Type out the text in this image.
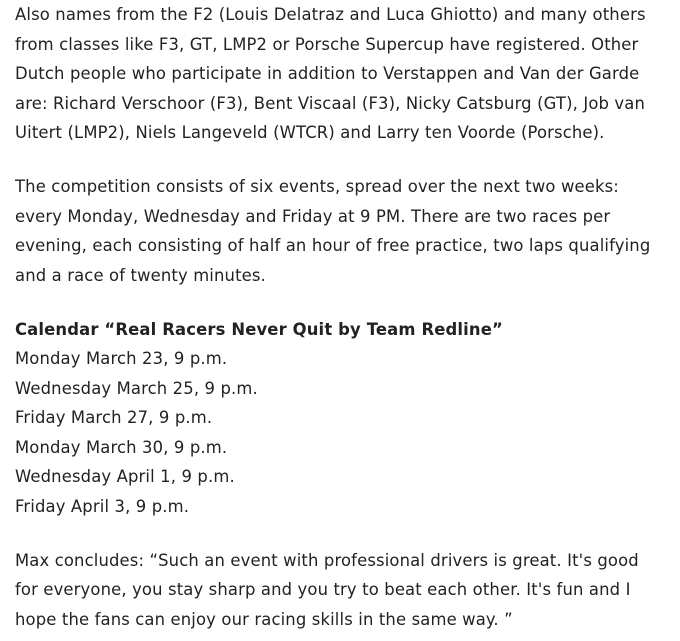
Also names from the F2 (Louis Delatraz and Luca Ghiotto) and many others from classes like F3, GT, LMP2 or Porsche Supercup have registered. Other Dutch people who participate in addition to Verstappen and Van der Garde are: Richard Verschoor (F3), Bent Viscaal (F3), Nicky Catsburg (GT), Job van Uitert (LMP2), Niels Langeveld (WTCR) and Larry ten Voorde (Porsche).

The competition consists of six events, spread over the next two weeks: every Monday, Wednesday and Friday at 9 PM. There are two races per evening, each consisting of half an hour of free practice, two laps qualifying and a race of twenty minutes.

Calendar “Real Racers Never Quit by Team Redline”

Monday March 23, 9 p.m.

Wednesday March 25, 9 p.m.

Friday March 27, 9 p.m.

Monday March 30, 9 p.m.

Wednesday April 1, 9 p.m.

Friday April 3, 9 p.m.

Max concludes: “Such an event with professional drivers is great. It's good for everyone, you stay sharp and you try to beat each other. It's fun and I hope the fans can enjoy our racing skills in the same way. ”
